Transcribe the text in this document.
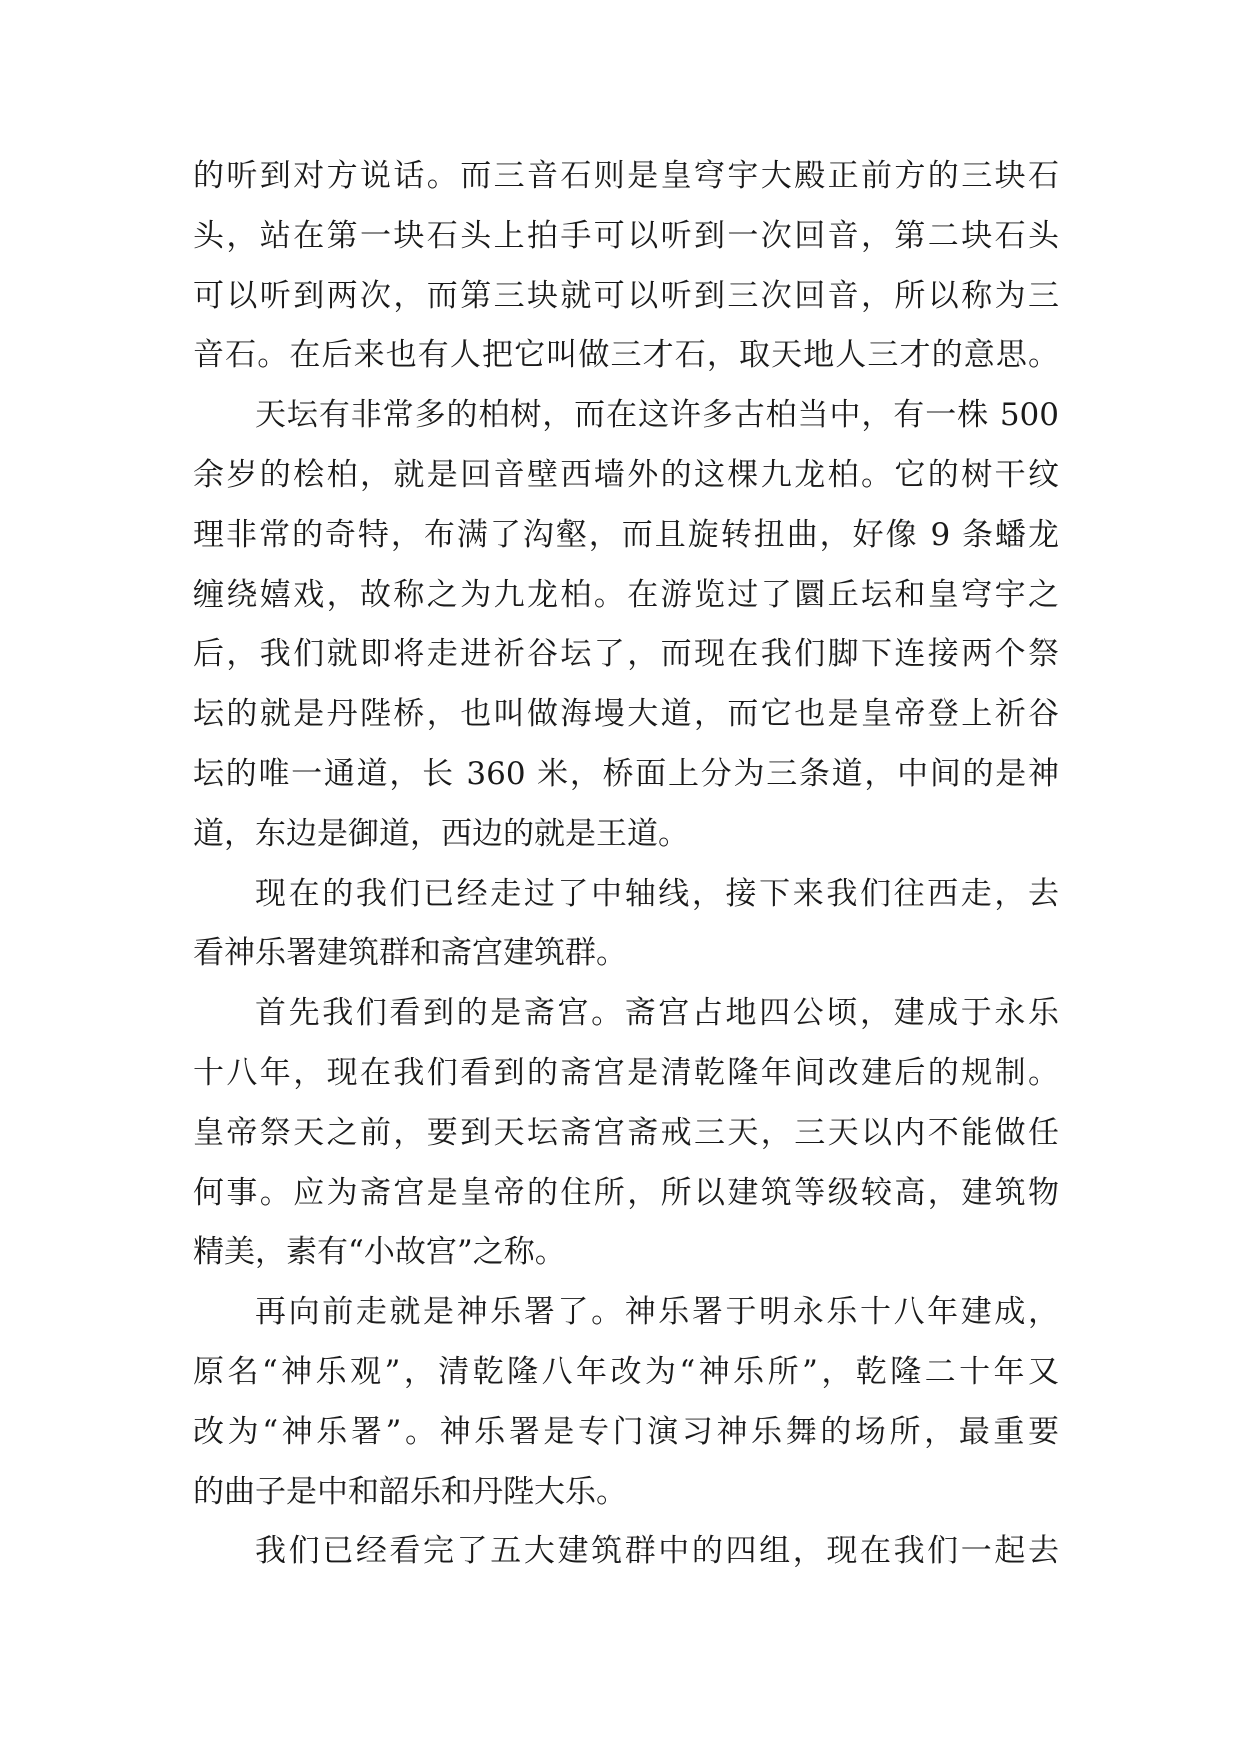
的听到对方说话。而三音石则是皇穹宇大殿正前方的三块石
头，站在第一块石头上拍手可以听到一次回音，第二块石头
可以听到两次，而第三块就可以听到三次回音，所以称为三
音石。在后来也有人把它叫做三才石，取天地人三才的意思。
天坛有非常多的柏树，而在这许多古柏当中，有一株 500
余岁的桧柏，就是回音壁西墙外的这棵九龙柏。它的树干纹
理非常的奇特，布满了沟壑，而且旋转扭曲，好像 9 条蟠龙
缠绕嬉戏，故称之为九龙柏。在游览过了圜丘坛和皇穹宇之
后，我们就即将走进祈谷坛了，而现在我们脚下连接两个祭
坛的就是丹陛桥，也叫做海墁大道，而它也是皇帝登上祈谷
坛的唯一通道，长 360 米，桥面上分为三条道，中间的是神
道，东边是御道，西边的就是王道。
现在的我们已经走过了中轴线，接下来我们往西走，去
看神乐署建筑群和斋宫建筑群。
首先我们看到的是斋宫。斋宫占地四公顷，建成于永乐
十八年，现在我们看到的斋宫是清乾隆年间改建后的规制。
皇帝祭天之前，要到天坛斋宫斋戒三天，三天以内不能做任
何事。应为斋宫是皇帝的住所，所以建筑等级较高，建筑物
精美，素有“小故宫”之称。
再向前走就是神乐署了。神乐署于明永乐十八年建成，
原名“神乐观”，清乾隆八年改为“神乐所”，乾隆二十年又
改为“神乐署”。神乐署是专门演习神乐舞的场所，最重要
的曲子是中和韶乐和丹陛大乐。
我们已经看完了五大建筑群中的四组，现在我们一起去
